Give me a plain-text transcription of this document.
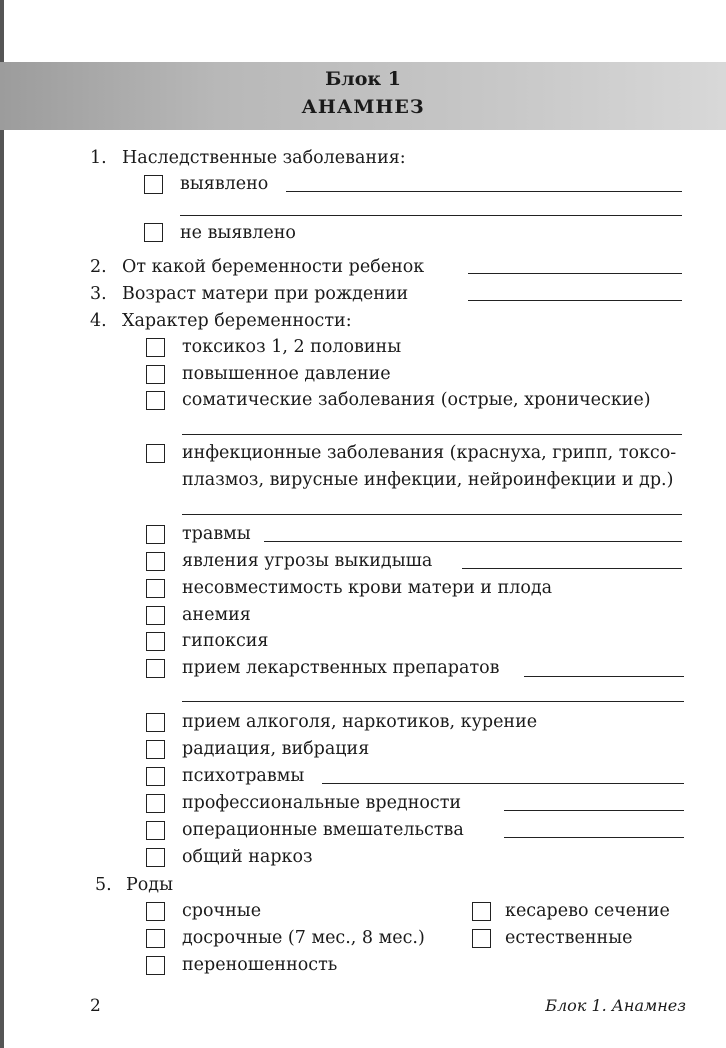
Блок 1
АНАМНЕЗ
1. Наследственные заболевания:
выявлено
не выявлено
2. От какой беременности ребенок
3. Возраст матери при рождении
4. Характер беременности:
токсикоз 1, 2 половины
повышенное давление
соматические заболевания (острые, хронические)
инфекционные заболевания (краснуха, грипп, токсо-
плазмоз, вирусные инфекции, нейроинфекции и др.)
травмы
явления угрозы выкидыша
несовместимость крови матери и плода
анемия
гипоксия
прием лекарственных препаратов
прием алкоголя, наркотиков, курение
радиация, вибрация
психотравмы
профессиональные вредности
операционные вмешательства
общий наркоз
5. Роды
срочные
досрочные (7 мес., 8 мес.)
переношенность
кесарево сечение
естественные
2	Блок 1. Анамнез
